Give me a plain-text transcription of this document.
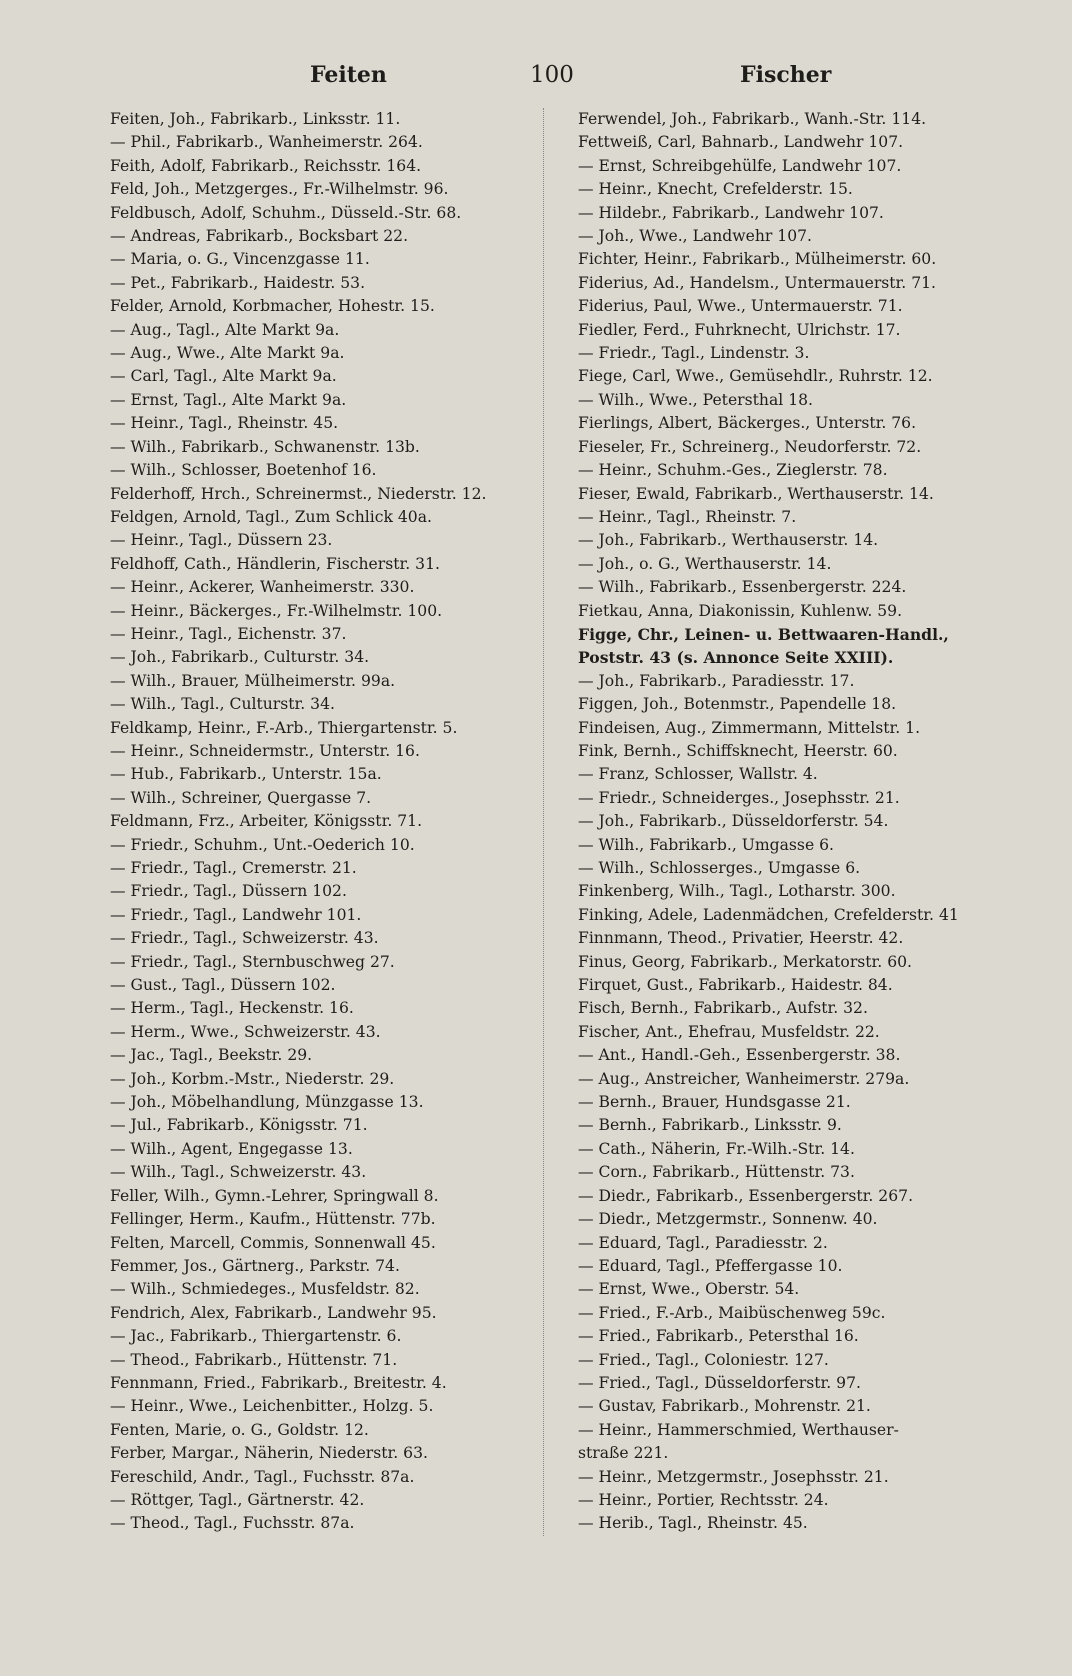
Feiten	100	Fischer
Feiten, Joh., Fabrikarb., Linksstr. 11.
— Phil., Fabrikarb., Wanheimerstr. 264.
Feith, Adolf, Fabrikarb., Reichsstr. 164.
Feld, Joh., Metzgerges., Fr.-Wilhelmstr. 96.
Feldbusch, Adolf, Schuhm., Düsseld.-Str. 68.
— Andreas, Fabrikarb., Bocksbart 22.
— Maria, o. G., Vincenzgasse 11.
— Pet., Fabrikarb., Haidestr. 53.
Felder, Arnold, Korbmacher, Hohestr. 15.
— Aug., Tagl., Alte Markt 9a.
— Aug., Wwe., Alte Markt 9a.
— Carl, Tagl., Alte Markt 9a.
— Ernst, Tagl., Alte Markt 9a.
— Heinr., Tagl., Rheinstr. 45.
— Wilh., Fabrikarb., Schwanenstr. 13b.
— Wilh., Schlosser, Boetenhof 16.
Felderhoff, Hrch., Schreinermst., Niederstr. 12.
Feldgen, Arnold, Tagl., Zum Schlick 40a.
— Heinr., Tagl., Düssern 23.
Feldhoff, Cath., Händlerin, Fischerstr. 31.
— Heinr., Ackerer, Wanheimerstr. 330.
— Heinr., Bäckerges., Fr.-Wilhelmstr. 100.
— Heinr., Tagl., Eichenstr. 37.
— Joh., Fabrikarb., Culturstr. 34.
— Wilh., Brauer, Mülheimerstr. 99a.
— Wilh., Tagl., Culturstr. 34.
Feldkamp, Heinr., F.-Arb., Thiergartenstr. 5.
— Heinr., Schneidermstr., Unterstr. 16.
— Hub., Fabrikarb., Unterstr. 15a.
— Wilh., Schreiner, Quergasse 7.
Feldmann, Frz., Arbeiter, Königsstr. 71.
— Friedr., Schuhm., Unt.-Oederich 10.
— Friedr., Tagl., Cremerstr. 21.
— Friedr., Tagl., Düssern 102.
— Friedr., Tagl., Landwehr 101.
— Friedr., Tagl., Schweizerstr. 43.
— Friedr., Tagl., Sternbuschweg 27.
— Gust., Tagl., Düssern 102.
— Herm., Tagl., Heckenstr. 16.
— Herm., Wwe., Schweizerstr. 43.
— Jac., Tagl., Beekstr. 29.
— Joh., Korbm.-Mstr., Niederstr. 29.
— Joh., Möbelhandlung, Münzgasse 13.
— Jul., Fabrikarb., Königsstr. 71.
— Wilh., Agent, Engegasse 13.
— Wilh., Tagl., Schweizerstr. 43.
Feller, Wilh., Gymn.-Lehrer, Springwall 8.
Fellinger, Herm., Kaufm., Hüttenstr. 77b.
Felten, Marcell, Commis, Sonnenwall 45.
Femmer, Jos., Gärtnerg., Parkstr. 74.
— Wilh., Schmiedeges., Musfeldstr. 82.
Fendrich, Alex, Fabrikarb., Landwehr 95.
— Jac., Fabrikarb., Thiergartenstr. 6.
— Theod., Fabrikarb., Hüttenstr. 71.
Fennmann, Fried., Fabrikarb., Breitestr. 4.
— Heinr., Wwe., Leichenbitter., Holzg. 5.
Fenten, Marie, o. G., Goldstr. 12.
Ferber, Margar., Näherin, Niederstr. 63.
Fereschild, Andr., Tagl., Fuchsstr. 87a.
— Röttger, Tagl., Gärtnerstr. 42.
— Theod., Tagl., Fuchsstr. 87a.
Ferwendel, Joh., Fabrikarb., Wanh.-Str. 114.
Fettweiß, Carl, Bahnarb., Landwehr 107.
— Ernst, Schreibgehülfe, Landwehr 107.
— Heinr., Knecht, Crefelderstr. 15.
— Hildebr., Fabrikarb., Landwehr 107.
— Joh., Wwe., Landwehr 107.
Fichter, Heinr., Fabrikarb., Mülheimerstr. 60.
Fiderius, Ad., Handelsm., Untermauerstr. 71.
Fiderius, Paul, Wwe., Untermauerstr. 71.
Fiedler, Ferd., Fuhrknecht, Ulrichstr. 17.
— Friedr., Tagl., Lindenstr. 3.
Fiege, Carl, Wwe., Gemüsehdlr., Ruhrstr. 12.
— Wilh., Wwe., Petersthal 18.
Fierlings, Albert, Bäckerges., Unterstr. 76.
Fieseler, Fr., Schreinerg., Neudorferstr. 72.
— Heinr., Schuhm.-Ges., Zieglerstr. 78.
Fieser, Ewald, Fabrikarb., Werthauserstr. 14.
— Heinr., Tagl., Rheinstr. 7.
— Joh., Fabrikarb., Werthauserstr. 14.
— Joh., o. G., Werthauserstr. 14.
— Wilh., Fabrikarb., Essenbergerstr. 224.
Fietkau, Anna, Diakonissin, Kuhlenw. 59.
Figge, Chr., Leinen- u. Bettwaaren-Handl.,
Poststr. 43 (s. Annonce Seite XXIII).
— Joh., Fabrikarb., Paradiesstr. 17.
Figgen, Joh., Botenmstr., Papendelle 18.
Findeisen, Aug., Zimmermann, Mittelstr. 1.
Fink, Bernh., Schiffsknecht, Heerstr. 60.
— Franz, Schlosser, Wallstr. 4.
— Friedr., Schneiderges., Josephsstr. 21.
— Joh., Fabrikarb., Düsseldorferstr. 54.
— Wilh., Fabrikarb., Umgasse 6.
— Wilh., Schlosserges., Umgasse 6.
Finkenberg, Wilh., Tagl., Lotharstr. 300.
Finking, Adele, Ladenmädchen, Crefelderstr. 41
Finnmann, Theod., Privatier, Heerstr. 42.
Finus, Georg, Fabrikarb., Merkatorstr. 60.
Firquet, Gust., Fabrikarb., Haidestr. 84.
Fisch, Bernh., Fabrikarb., Aufstr. 32.
Fischer, Ant., Ehefrau, Musfeldstr. 22.
— Ant., Handl.-Geh., Essenbergerstr. 38.
— Aug., Anstreicher, Wanheimerstr. 279a.
— Bernh., Brauer, Hundsgasse 21.
— Bernh., Fabrikarb., Linksstr. 9.
— Cath., Näherin, Fr.-Wilh.-Str. 14.
— Corn., Fabrikarb., Hüttenstr. 73.
— Diedr., Fabrikarb., Essenbergerstr. 267.
— Diedr., Metzgermstr., Sonnenw. 40.
— Eduard, Tagl., Paradiesstr. 2.
— Eduard, Tagl., Pfeffergasse 10.
— Ernst, Wwe., Oberstr. 54.
— Fried., F.-Arb., Maibüschenweg 59c.
— Fried., Fabrikarb., Petersthal 16.
— Fried., Tagl., Coloniestr. 127.
— Fried., Tagl., Düsseldorferstr. 97.
— Gustav, Fabrikarb., Mohrenstr. 21.
— Heinr., Hammerschmied, Werthauser-
straße 221.
— Heinr., Metzgermstr., Josephsstr. 21.
— Heinr., Portier, Rechtsstr. 24.
— Herib., Tagl., Rheinstr. 45.
